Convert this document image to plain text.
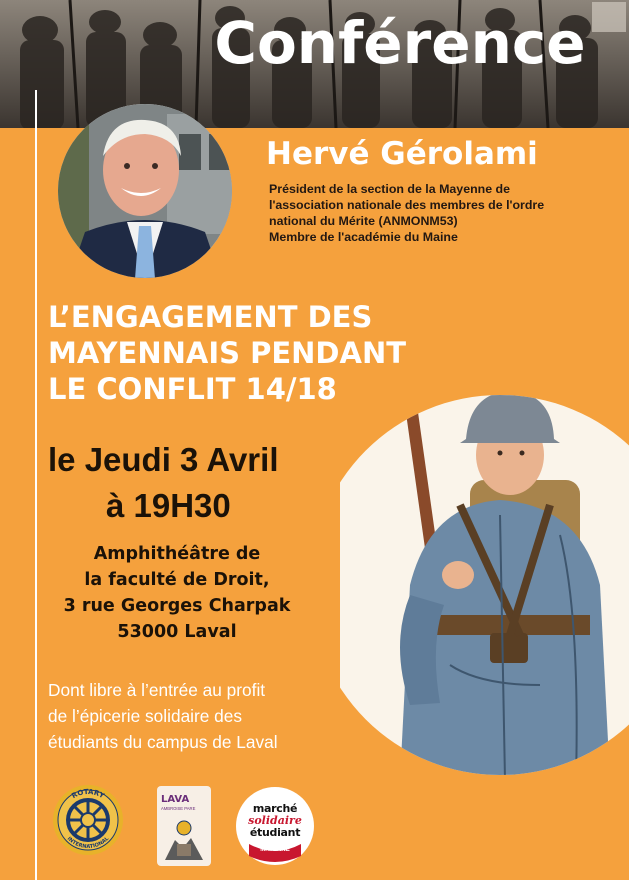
Conférence
Hervé Gérolami
Président de la section de la Mayenne de
l'association nationale des membres de l'ordre
national du Mérite (ANMONM53)
Membre de l'académie du Maine
L’ENGAGEMENT DES
MAYENNAIS PENDANT
LE CONFLIT 14/18
le Jeudi 3 Avril
à 19H30
Amphithéâtre de
la faculté de Droit,
3 rue Georges Charpak
53000 Laval
Dont libre à l’entrée au profit
de l’épicerie solidaire des
étudiants du campus de Laval
ROTARY
INTERNATIONAL
LAVA
AMBROISE PARE	marché
solidaire
étudiant
MAYENNE
